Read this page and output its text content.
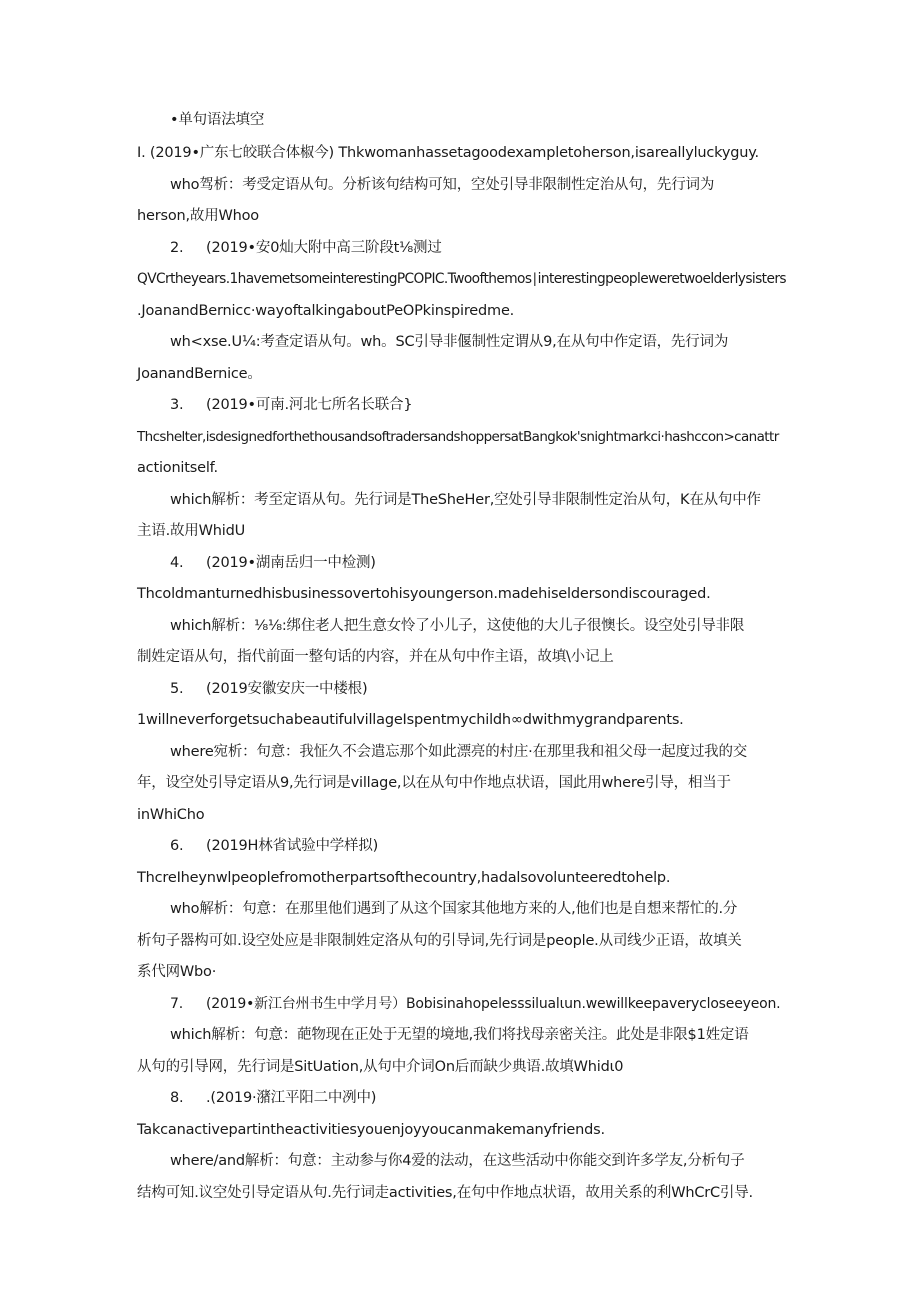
•单句语法填空
I. (2019•广东七皎联合体椒今) Thkwomanhassetagoodexampletoherson,isareallyluckyguy.
who驾析：考受定语从句。分析该句结构可知，空处引导非限制性定治从句，先行词为
herson,故用Whoo
2. (2019•安0灿大附中高三阶段t⅛测过
QVCrtheyears.1havemetsomeinterestingPCOPIC.Twoofthemos∣interestingpeopleweretwoelderlysisters
.JoanandBernicc·wayoftalkingaboutPeOPkinspiredme.
wh<xse.U¼:考查定语从句。wh。SC引导非偃制性定谓从9,在从句中作定语，先行词为
JoanandBernice。
3. (2019•可南.河北七所名长联合}
Thcshelter,isdesignedforthethousandsoftradersandshoppersatBangkok'snightmarkci·hashccon>canattr
actionitself.
which解析：考至定语从句。先行词是TheSheHer,空处引导非限制性定治从句，K在从句中作
主语.故用WhidU
4. (2019•湖南岳归一中检测)
Thcoldmanturnedhisbusinessovertohisyoungerson.madehiseldersondiscouraged.
which解析：⅛⅛:绑住老人把生意女怜了小儿子，这使他的大儿子很懊长。设空处引导非限
制姓定语从句，指代前面一整句话的内容，并在从句中作主语，故填\小记上
5. (2019安徽安庆一中楼根)
1willneverforgetsuchabeautifulvillageIspentmychildh∞dwithmygrandparents.
where宛析：句意：我怔久不会遣忘那个如此漂亮的村庄·在那里我和祖父母一起度过我的交
年，设空处引导定语从9,先行词是village,以在从句中作地点状语，国此用where引导，相当于
inWhiCho
6. (2019H林省试验中学样拟)
ThcreIheynwlpeoplefromotherpartsofthecountry,hadalsovolunteeredtohelp.
who解析：句意：在那里他们遇到了从这个国家其他地方来的人,他们也是自想来帮忙的.分
析句子器构可如.设空处应是非限制姓定洛从句的引导词,先行词是people.从司线少正语，故填关
系代网Wbo·
7. (2019•新江台州书生中学月号）Bobisinahopelesssilualιun.wewillkeepaverycloseeyeon.
which解析：句意：葩物现在正处于无望的境地,我们将找母亲密关注。此处是非限$1姓定语
从句的引导网，先行词是SitUation,从句中介词On后而缺少典语.故填Whidι0
8. .(2019·潴江平阳二中冽中)
Takcanactivepartintheactivitiesyouenjoyyoucanmakemanyfriends.
where/and解析：句意：主动参与你4爱的法动，在这些活动中你能交到许多学友,分析句子
结构可知.议空处引导定语从句.先行词走activities,在句中作地点状语，故用关系的利WhCrC引导.
